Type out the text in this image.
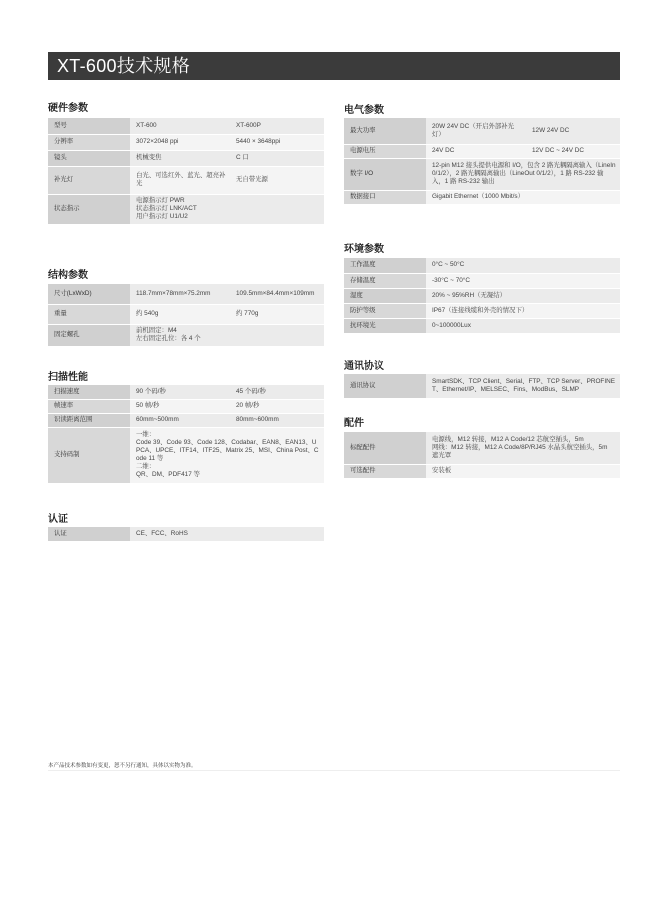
XT-600技术规格
硬件参数
型号	XT-600	XT-600P
分辨率	3072×2048 ppi	5440 × 3648ppi
镜头	机械变焦	C 口
补光灯	白光、可选红外、蓝光、超亮补光	无自带光源
状态指示	电源指示灯 PWR
状态指示灯 LNK/ACT
用户指示灯 U1/U2	
结构参数
尺寸(LxWxD)	118.7mm×78mm×75.2mm	109.5mm×84.4mm×109mm
重量	约 540g	约 770g
固定螺孔	前机固定：M4
左右固定孔位：各 4 个	
扫描性能
扫描速度	90 个码/秒	45 个码/秒
帧速率	50 帧/秒	20 帧/秒
识读距离范围	60mm~500mm	80mm~600mm
支持码制	一维：
Code 39、Code 93、Code 128、Codabar、EAN8、EAN13、UPCA、UPCE、ITF14、ITF25、Matrix 25、MSI、China Post、Code 11 等
二维：
QR、DM、PDF417 等	
认证
认证	CE、FCC、RoHS
电气参数
最大功率	20W 24V DC（开启外部补光灯）	12W 24V DC
电源电压	24V DC	12V DC ~ 24V DC
数字 I/O	12-pin M12 接头提供电源和 I/O，包含 2 路光耦隔离输入（LineIn 0/1/2），2 路光耦隔离输出（LineOut 0/1/2），1 路 RS-232 输入，1 路 RS-232 输出	
数据接口	Gigabit Ethernet（1000 Mbit/s）	
环境参数
工作温度	0°C ~ 50°C
存储温度	-30°C ~ 70°C
湿度	20% ~ 95%RH（无凝结）
防护等级	IP67（连接线缆和外壳的情况下）
抗环境光	0~100000Lux
通讯协议
通讯协议	SmartSDK、TCP Client、Serial、FTP、TCP Server、PROFINET、Ethernet/IP、MELSEC、Fins、ModBus、SLMP
配件
标配配件	电源线，M12 转接，M12 A Code/12 芯航空插头，5m
网线：M12 转接，M12 A Code/8P/RJ45 水晶头航空插头，5m
遮光罩
可选配件	安装板
本产品技术参数如有变更，恕不另行通知，具体以实物为准。
